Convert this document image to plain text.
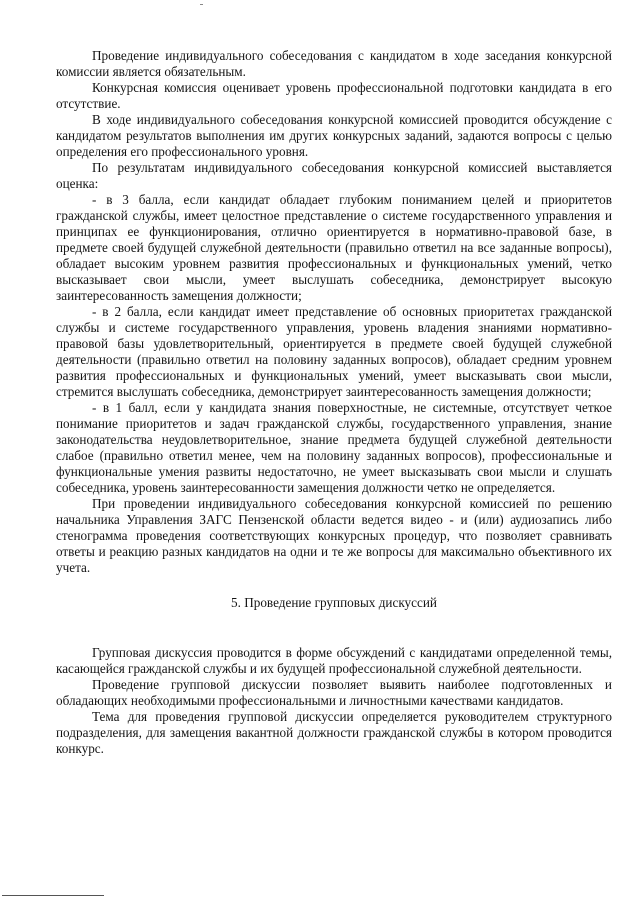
Проведение индивидуального собеседования с кандидатом в ходе заседания конкурсной комиссии является обязательным.

Конкурсная комиссия оценивает уровень профессиональной подготовки кандидата в его отсутствие.

В ходе индивидуального собеседования конкурсной комиссией проводится обсуждение с кандидатом результатов выполнения им других конкурсных заданий, задаются вопросы с целью определения его профессионального уровня.

По результатам индивидуального собеседования конкурсной комиссией выставляется оценка:

- в 3 балла, если кандидат обладает глубоким пониманием целей и приоритетов гражданской службы, имеет целостное представление о системе государственного управления и принципах ее функционирования, отлично ориентируется в нормативно-правовой базе, в предмете своей будущей служебной деятельности (правильно ответил на все заданные вопросы), обладает высоким уровнем развития профессиональных и функциональных умений, четко высказывает свои мысли, умеет выслушать собеседника, демонстрирует высокую заинтересованность замещения должности;

- в 2 балла, если кандидат имеет представление об основных приоритетах гражданской службы и системе государственного управления, уровень владения знаниями нормативно-правовой базы удовлетворительный, ориентируется в предмете своей будущей служебной деятельности (правильно ответил на половину заданных вопросов), обладает средним уровнем развития профессиональных и функциональных умений, умеет высказывать свои мысли, стремится выслушать собеседника, демонстрирует заинтересованность замещения должности;

- в 1 балл, если у кандидата знания поверхностные, не системные, отсутствует четкое понимание приоритетов и задач гражданской службы, государственного управления, знание законодательства неудовлетворительное, знание предмета будущей служебной деятельности слабое (правильно ответил менее, чем на половину заданных вопросов), профессиональные и функциональные умения развиты недостаточно, не умеет высказывать свои мысли и слушать собеседника, уровень заинтересованности замещения должности четко не определяется.

При проведении индивидуального собеседования конкурсной комиссией по решению начальника Управления ЗАГС Пензенской области ведется видео - и (или) аудиозапись либо стенограмма проведения соответствующих конкурсных процедур, что позволяет сравнивать ответы и реакцию разных кандидатов на одни и те же вопросы для максимально объективного их учета.

5. Проведение групповых дискуссий

Групповая дискуссия проводится в форме обсуждений с кандидатами определенной темы, касающейся гражданской службы и их будущей профессиональной служебной деятельности.

Проведение групповой дискуссии позволяет выявить наиболее подготовленных и обладающих необходимыми профессиональными и личностными качествами кандидатов.

Тема для проведения групповой дискуссии определяется руководителем структурного подразделения, для замещения вакантной должности гражданской службы в котором проводится конкурс.
